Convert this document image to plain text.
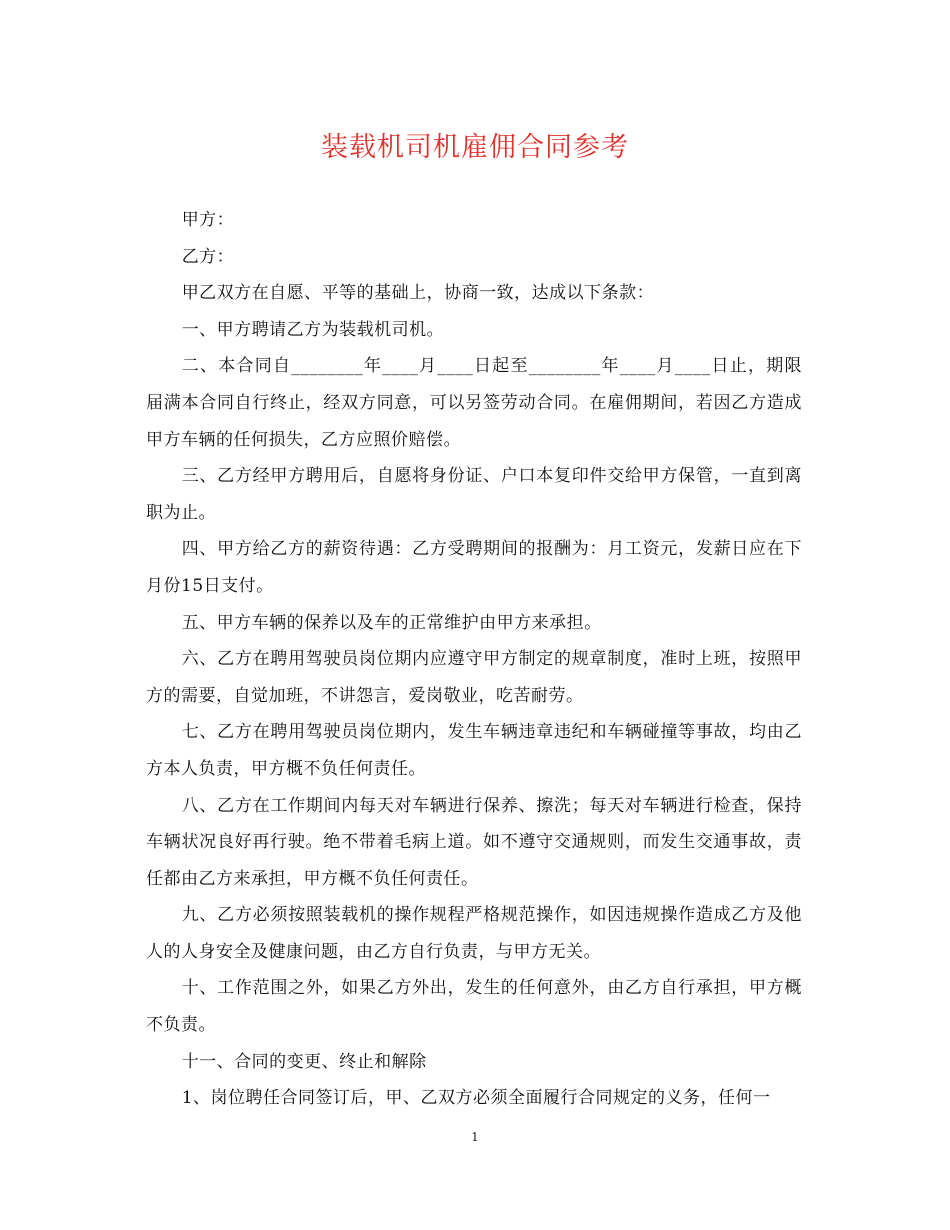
装载机司机雇佣合同参考

甲方：

乙方：

甲乙双方在自愿、平等的基础上，协商一致，达成以下条款：

一、甲方聘请乙方为装载机司机。

二、本合同自________年____月____日起至________年____月____日止，期限届满本合同自行终止，经双方同意，可以另签劳动合同。在雇佣期间，若因乙方造成甲方车辆的任何损失，乙方应照价赔偿。

三、乙方经甲方聘用后，自愿将身份证、户口本复印件交给甲方保管，一直到离职为止。

四、甲方给乙方的薪资待遇：乙方受聘期间的报酬为：月工资元，发薪日应在下月份15日支付。

五、甲方车辆的保养以及车的正常维护由甲方来承担。

六、乙方在聘用驾驶员岗位期内应遵守甲方制定的规章制度，准时上班，按照甲方的需要，自觉加班，不讲怨言，爱岗敬业，吃苦耐劳。

七、乙方在聘用驾驶员岗位期内，发生车辆违章违纪和车辆碰撞等事故，均由乙方本人负责，甲方概不负任何责任。

八、乙方在工作期间内每天对车辆进行保养、擦洗；每天对车辆进行检查，保持车辆状况良好再行驶。绝不带着毛病上道。如不遵守交通规则，而发生交通事故，责任都由乙方来承担，甲方概不负任何责任。

九、乙方必须按照装载机的操作规程严格规范操作，如因违规操作造成乙方及他人的人身安全及健康问题，由乙方自行负责，与甲方无关。

十、工作范围之外，如果乙方外出，发生的任何意外，由乙方自行承担，甲方概不负责。

十一、合同的变更、终止和解除

1、岗位聘任合同签订后，甲、乙双方必须全面履行合同规定的义务，任何一

1
